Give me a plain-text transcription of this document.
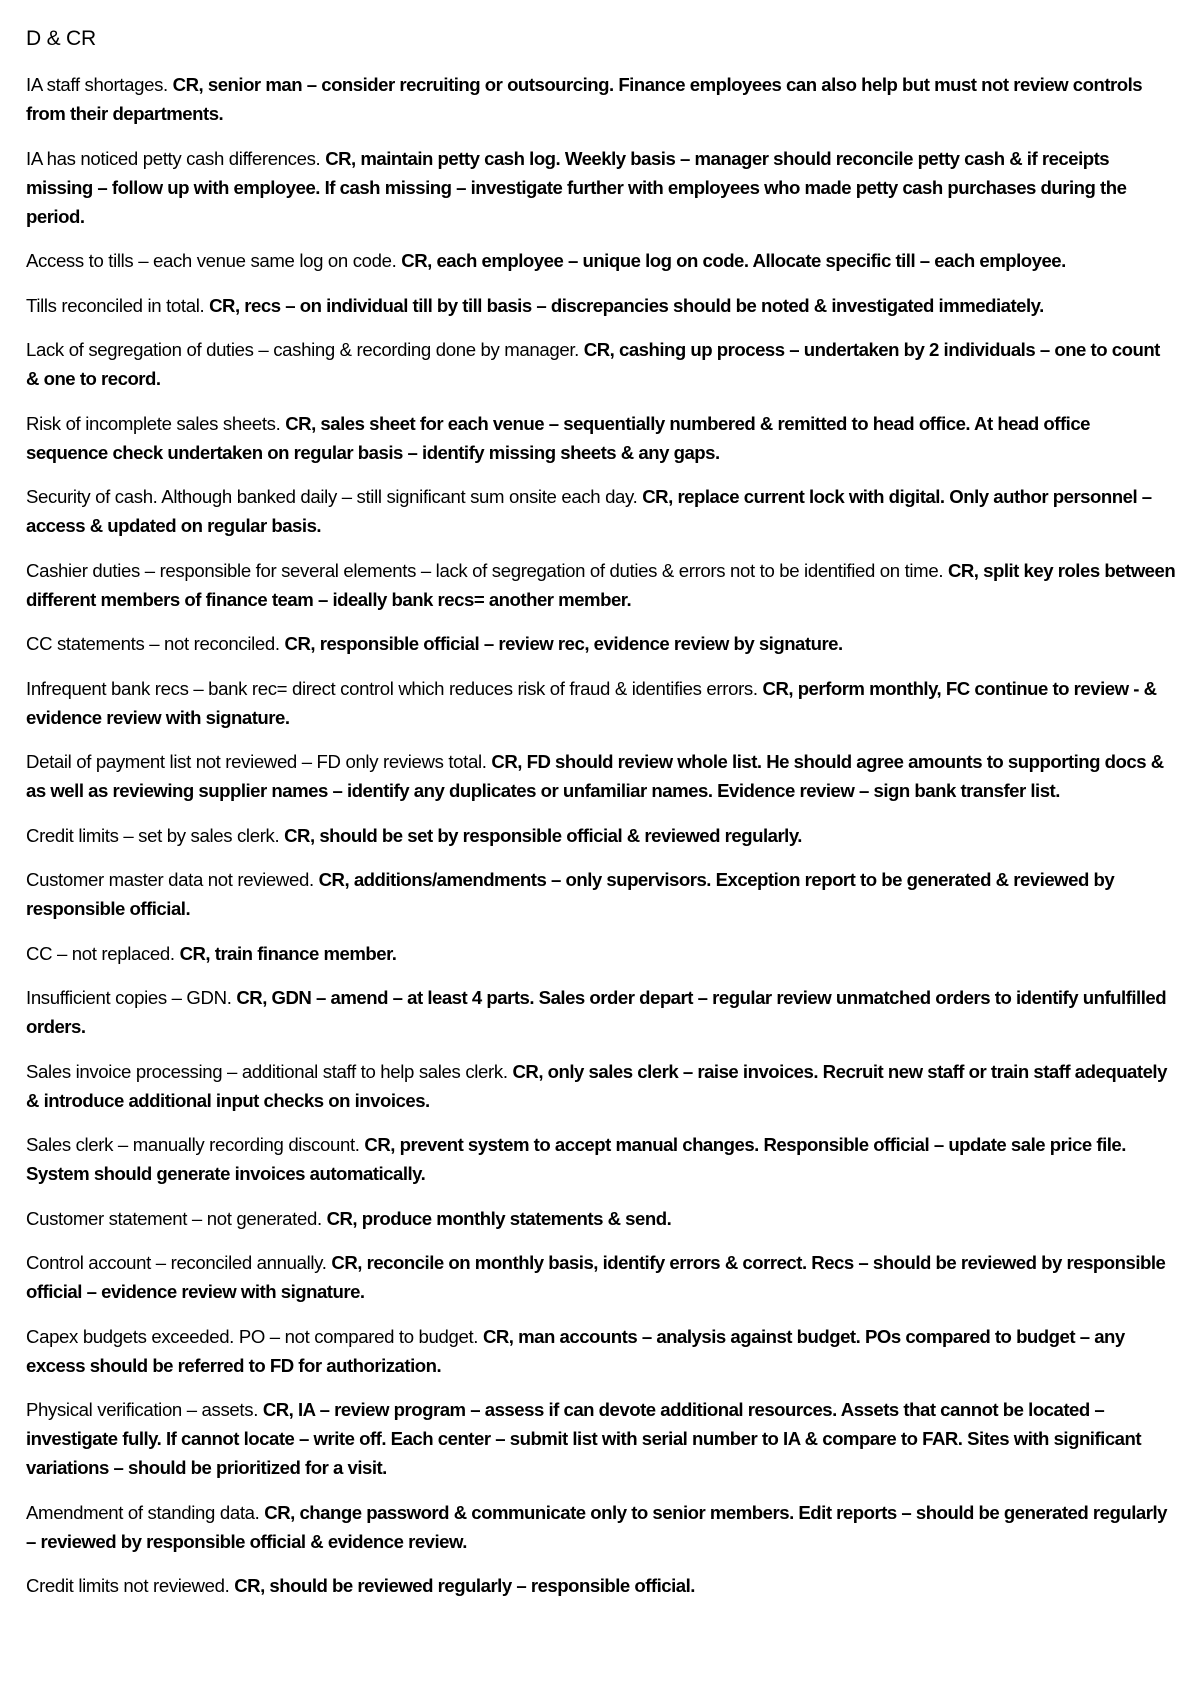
D & CR
IA staff shortages. CR, senior man – consider recruiting or outsourcing. Finance employees can also help but must not review controls from their departments.
IA has noticed petty cash differences. CR, maintain petty cash log. Weekly basis – manager should reconcile petty cash & if receipts missing – follow up with employee. If cash missing – investigate further with employees who made petty cash purchases during the period.
Access to tills – each venue same log on code. CR, each employee – unique log on code. Allocate specific till – each employee.
Tills reconciled in total. CR, recs – on individual till by till basis – discrepancies should be noted & investigated immediately.
Lack of segregation of duties – cashing & recording done by manager. CR, cashing up process – undertaken by 2 individuals – one to count & one to record.
Risk of incomplete sales sheets. CR, sales sheet for each venue – sequentially numbered & remitted to head office. At head office sequence check undertaken on regular basis – identify missing sheets & any gaps.
Security of cash. Although banked daily – still significant sum onsite each day. CR, replace current lock with digital. Only author personnel – access & updated on regular basis.
Cashier duties – responsible for several elements – lack of segregation of duties & errors not to be identified on time. CR, split key roles between different members of finance team – ideally bank recs= another member.
CC statements – not reconciled. CR, responsible official – review rec, evidence review by signature.
Infrequent bank recs – bank rec= direct control which reduces risk of fraud & identifies errors. CR, perform monthly, FC continue to review - & evidence review with signature.
Detail of payment list not reviewed – FD only reviews total. CR, FD should review whole list. He should agree amounts to supporting docs & as well as reviewing supplier names – identify any duplicates or unfamiliar names. Evidence review – sign bank transfer list.
Credit limits – set by sales clerk. CR, should be set by responsible official & reviewed regularly.
Customer master data not reviewed. CR, additions/amendments – only supervisors. Exception report to be generated & reviewed by responsible official.
CC – not replaced. CR, train finance member.
Insufficient copies – GDN. CR, GDN – amend – at least 4 parts. Sales order depart – regular review unmatched orders to identify unfulfilled orders.
Sales invoice processing – additional staff to help sales clerk. CR, only sales clerk – raise invoices. Recruit new staff or train staff adequately & introduce additional input checks on invoices.
Sales clerk – manually recording discount. CR, prevent system to accept manual changes. Responsible official – update sale price file. System should generate invoices automatically.
Customer statement – not generated. CR, produce monthly statements & send.
Control account – reconciled annually. CR, reconcile on monthly basis, identify errors & correct. Recs – should be reviewed by responsible official – evidence review with signature.
Capex budgets exceeded. PO – not compared to budget. CR, man accounts – analysis against budget. POs compared to budget – any excess should be referred to FD for authorization.
Physical verification – assets. CR, IA – review program – assess if can devote additional resources. Assets that cannot be located – investigate fully. If cannot locate – write off. Each center – submit list with serial number to IA & compare to FAR. Sites with significant variations – should be prioritized for a visit.
Amendment of standing data. CR, change password & communicate only to senior members. Edit reports – should be generated regularly – reviewed by responsible official & evidence review.
Credit limits not reviewed. CR, should be reviewed regularly – responsible official.
